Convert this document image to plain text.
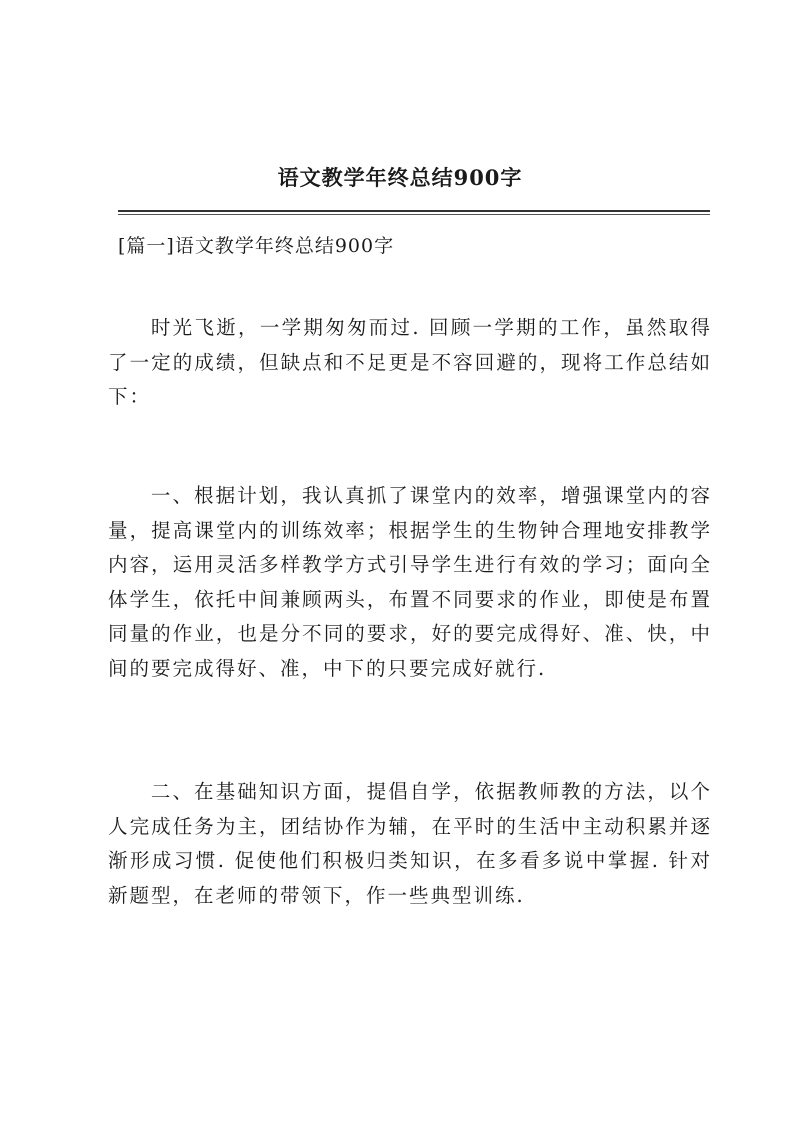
语文教学年终总结900字
[篇一]语文教学年终总结900字

时光飞逝，一学期匆匆而过. 回顾一学期的工作，虽然取得了一定的成绩，但缺点和不足更是不容回避的，现将工作总结如下：

一、根据计划，我认真抓了课堂内的效率，增强课堂内的容量，提高课堂内的训练效率；根据学生的生物钟合理地安排教学内容，运用灵活多样教学方式引导学生进行有效的学习；面向全体学生，依托中间兼顾两头，布置不同要求的作业，即使是布置同量的作业，也是分不同的要求，好的要完成得好、准、快，中间的要完成得好、准，中下的只要完成好就行.

二、在基础知识方面，提倡自学，依据教师教的方法，以个人完成任务为主，团结协作为辅，在平时的生活中主动积累并逐渐形成习惯. 促使他们积极归类知识，在多看多说中掌握. 针对新题型，在老师的带领下，作一些典型训练.
